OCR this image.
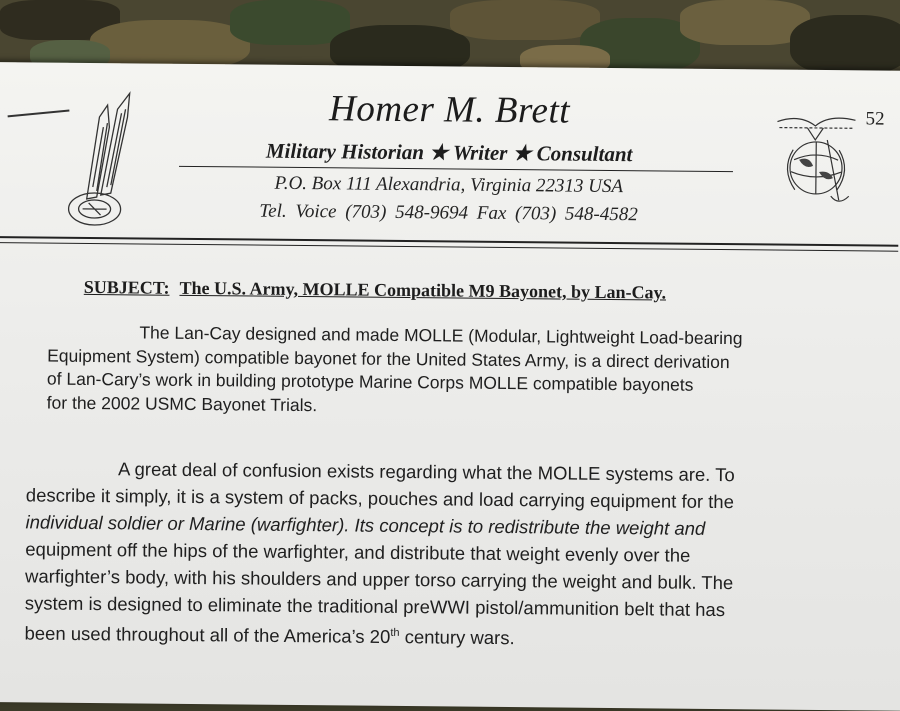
52
Homer M. Brett
Military Historian ★ Writer ★ Consultant
P.O. Box 111 Alexandria, Virginia 22313 USA
Tel. Voice (703) 548-9694 Fax (703) 548-4582
SUBJECT: The U.S. Army, MOLLE Compatible M9 Bayonet, by Lan-Cay.
The Lan-Cay designed and made MOLLE (Modular, Lightweight Load-bearing
Equipment System) compatible bayonet for the United States Army, is a direct derivation
of Lan-Cary’s work in building prototype Marine Corps MOLLE compatible bayonets
for the 2002 USMC Bayonet Trials.
A great deal of confusion exists regarding what the MOLLE systems are. To
describe it simply, it is a system of packs, pouches and load carrying equipment for the
individual soldier or Marine (warfighter). Its concept is to redistribute the weight and
equipment off the hips of the warfighter, and distribute that weight evenly over the
warfighter’s body, with his shoulders and upper torso carrying the weight and bulk. The
system is designed to eliminate the traditional preWWI pistol/ammunition belt that has
been used throughout all of the America’s 20th century wars.
